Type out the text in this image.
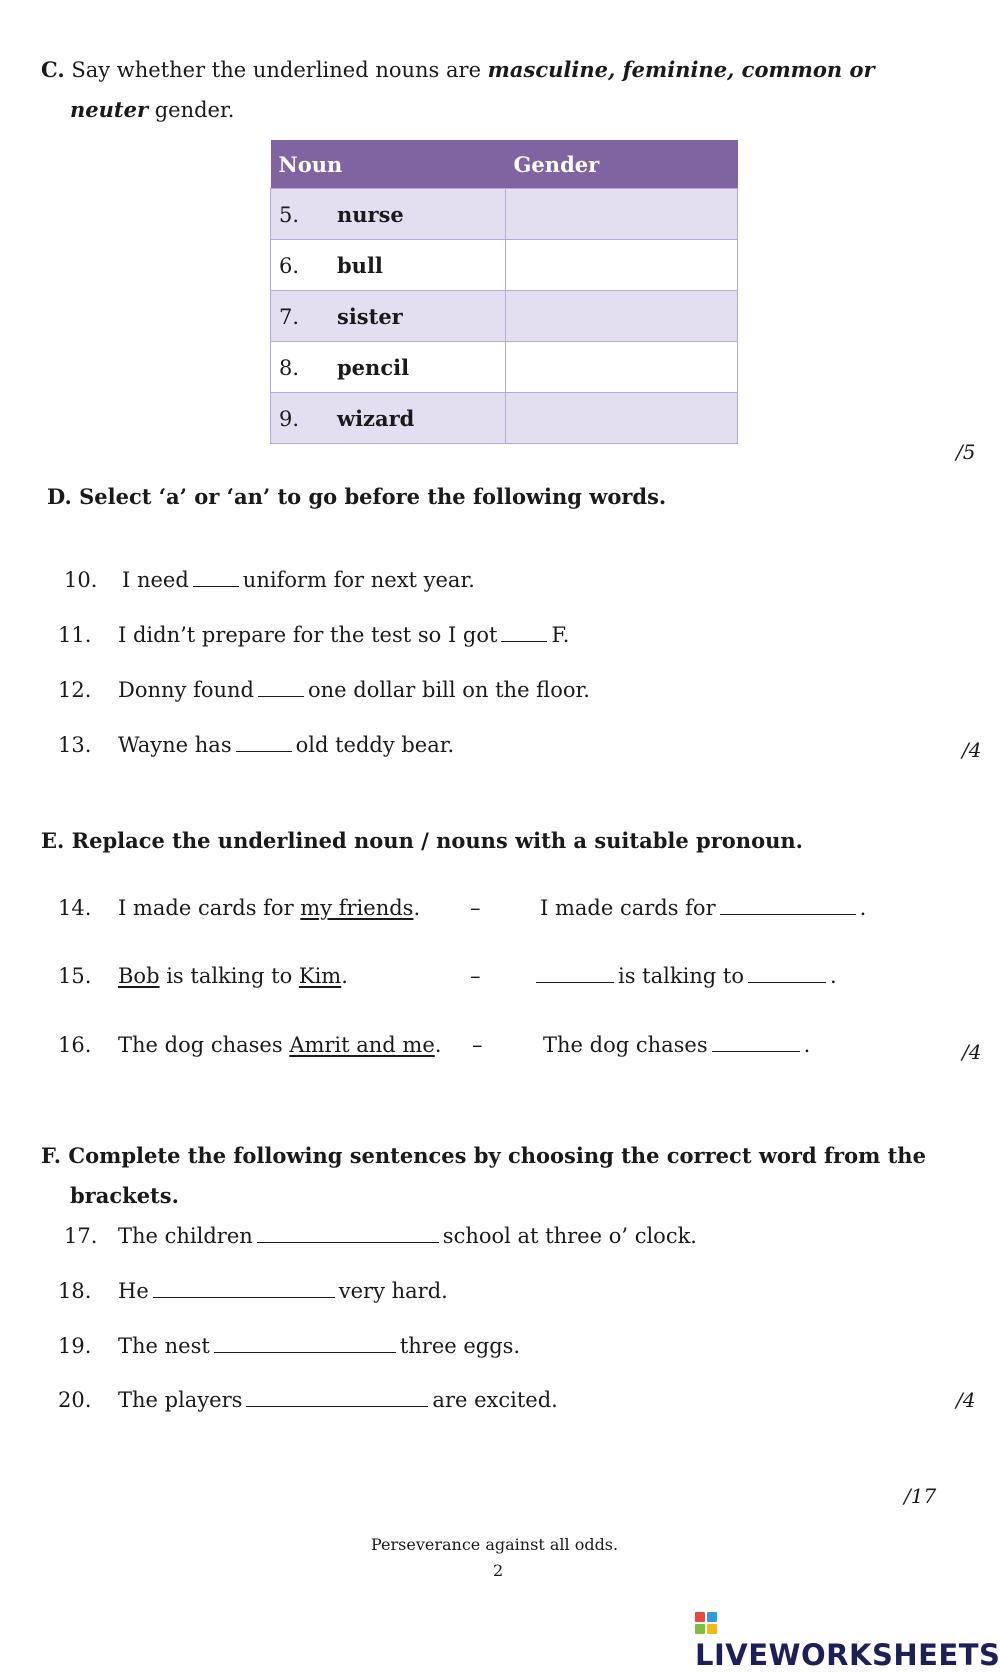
C. Say whether the underlined nouns are masculine, feminine, common or
neuter gender.
Noun	Gender
5. nurse	
6. bull	
7. sister	
8. pencil	
9. wizard	
/5
D. Select ‘a’ or ‘an’ to go before the following words.
10. I need	uniform for next year.
11. I didn’t prepare for the test so I got	F.
12. Donny found	one dollar bill on the floor.
13. Wayne has	old teddy bear.	/4
E. Replace the underlined noun / nouns with a suitable pronoun.
14. I made cards for my friends. –	I made cards for	.
15. Bob is talking to Kim.	–	is talking to	.
16. The dog chases Amrit and me. –	The dog chases	.	/4
F. Complete the following sentences by choosing the correct word from the
brackets.
17. The children	school at three o’ clock.
18. He	very hard.
19. The nest	three eggs.
20. The players	are excited.	/4
/17
Perseverance against all odds.
2
LIVEWORKSHEETS
